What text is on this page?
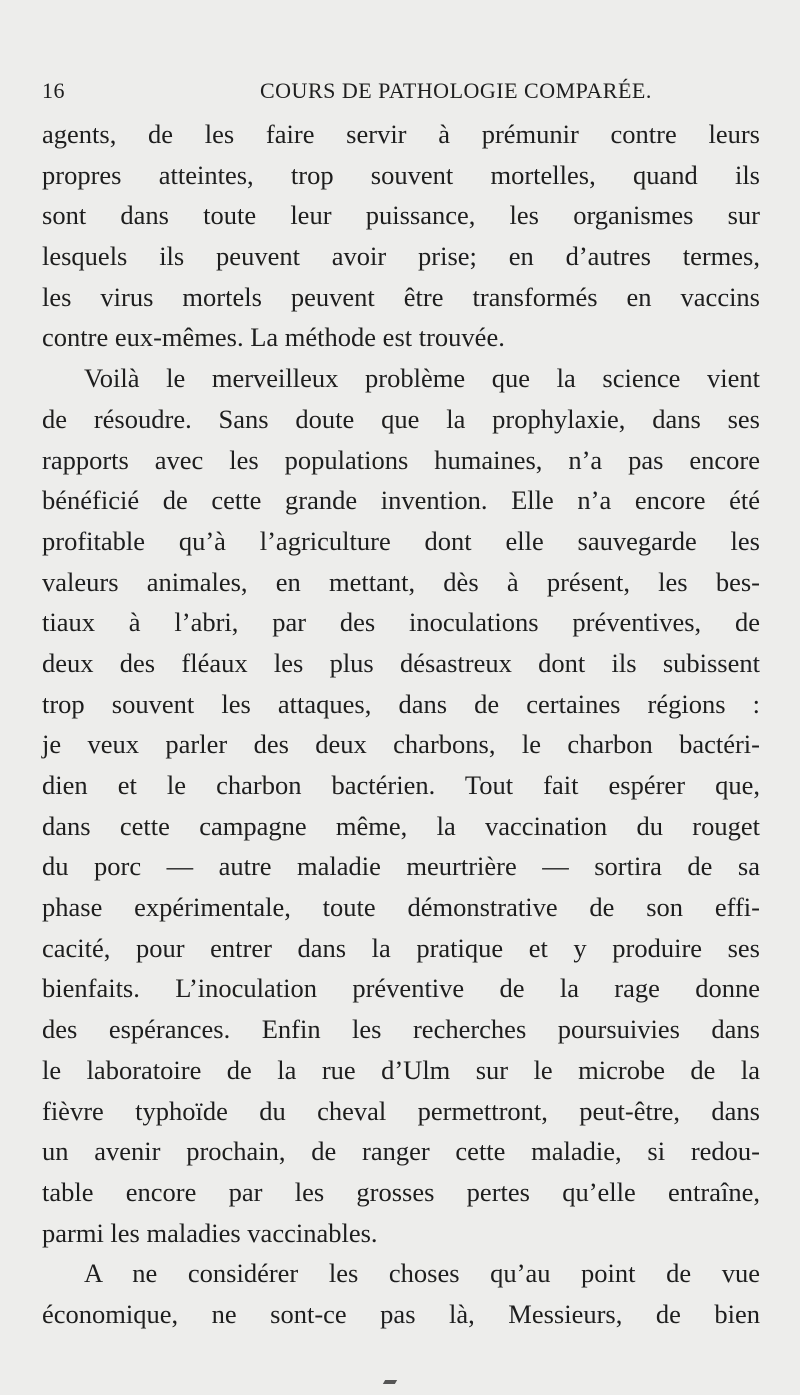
16	COURS DE PATHOLOGIE COMPARÉE.
agents, de les faire servir à prémunir contre leurs
propres atteintes, trop souvent mortelles, quand ils
sont dans toute leur puissance, les organismes sur
lesquels ils peuvent avoir prise; en d’autres termes,
les virus mortels peuvent être transformés en vaccins
contre eux-mêmes. La méthode est trouvée.
Voilà le merveilleux problème que la science vient
de résoudre. Sans doute que la prophylaxie, dans ses
rapports avec les populations humaines, n’a pas encore
bénéficié de cette grande invention. Elle n’a encore été
profitable qu’à l’agriculture dont elle sauvegarde les
valeurs animales, en mettant, dès à présent, les bes-
tiaux à l’abri, par des inoculations préventives, de
deux des fléaux les plus désastreux dont ils subissent
trop souvent les attaques, dans de certaines régions :
je veux parler des deux charbons, le charbon bactéri-
dien et le charbon bactérien. Tout fait espérer que,
dans cette campagne même, la vaccination du rouget
du porc — autre maladie meurtrière — sortira de sa
phase expérimentale, toute démonstrative de son effi-
cacité, pour entrer dans la pratique et y produire ses
bienfaits. L’inoculation préventive de la rage donne
des espérances. Enfin les recherches poursuivies dans
le laboratoire de la rue d’Ulm sur le microbe de la
fièvre typhoïde du cheval permettront, peut-être, dans
un avenir prochain, de ranger cette maladie, si redou-
table encore par les grosses pertes qu’elle entraîne,
parmi les maladies vaccinables.
A ne considérer les choses qu’au point de vue
économique, ne sont-ce pas là, Messieurs, de bien
